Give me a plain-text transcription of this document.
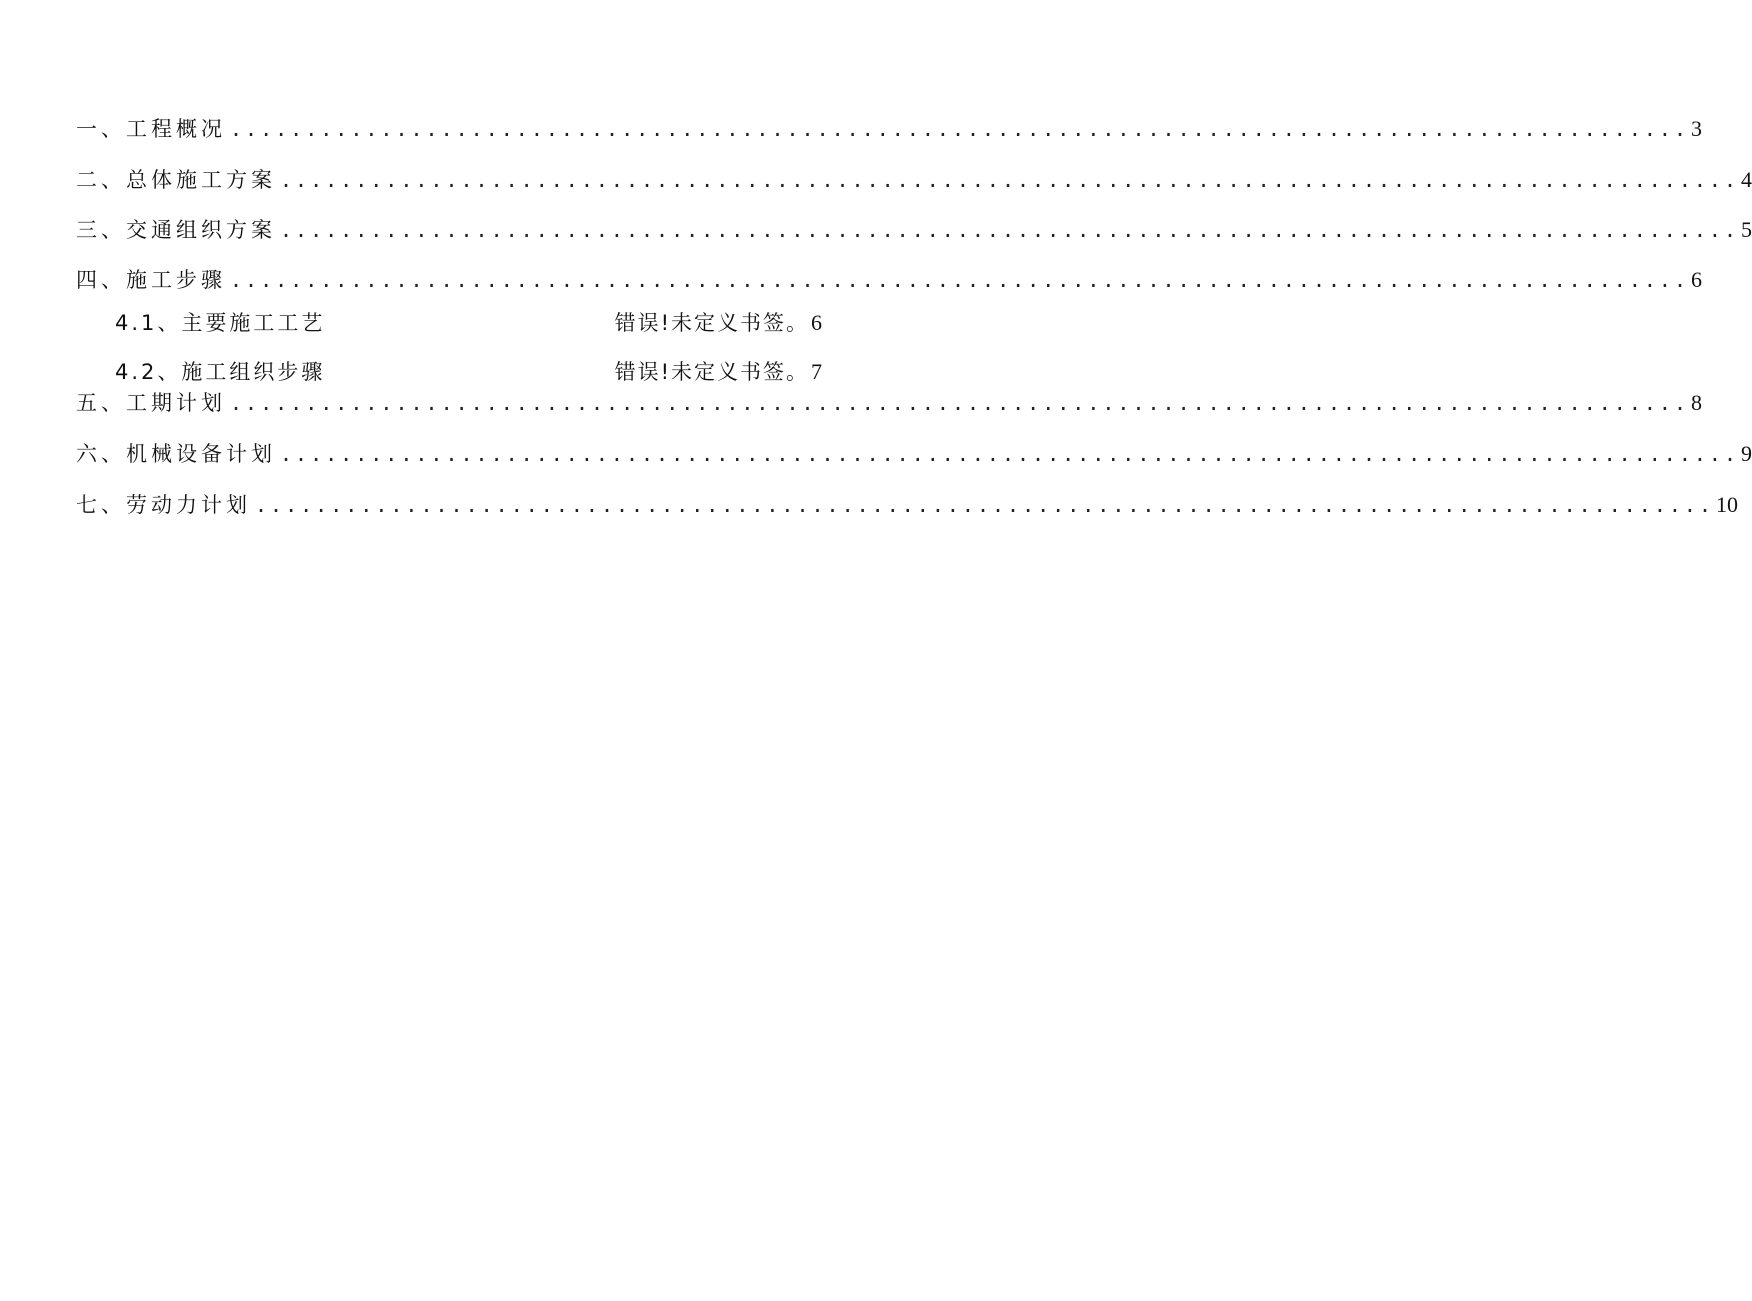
一、工程概况 ................................................................................................. 3
二、总体施工方案 ................................................................................................. 4
三、交通组织方案 ................................................................................................. 5
四、施工步骤 ................................................................................................. 6
4.1、主要施工工艺	错误!未定义书签。 6
4.2、施工组织步骤	错误!未定义书签。 7
五、工期计划 ................................................................................................. 8
六、机械设备计划 ................................................................................................. 9
七、劳动力计划 ................................................................................................. 10
